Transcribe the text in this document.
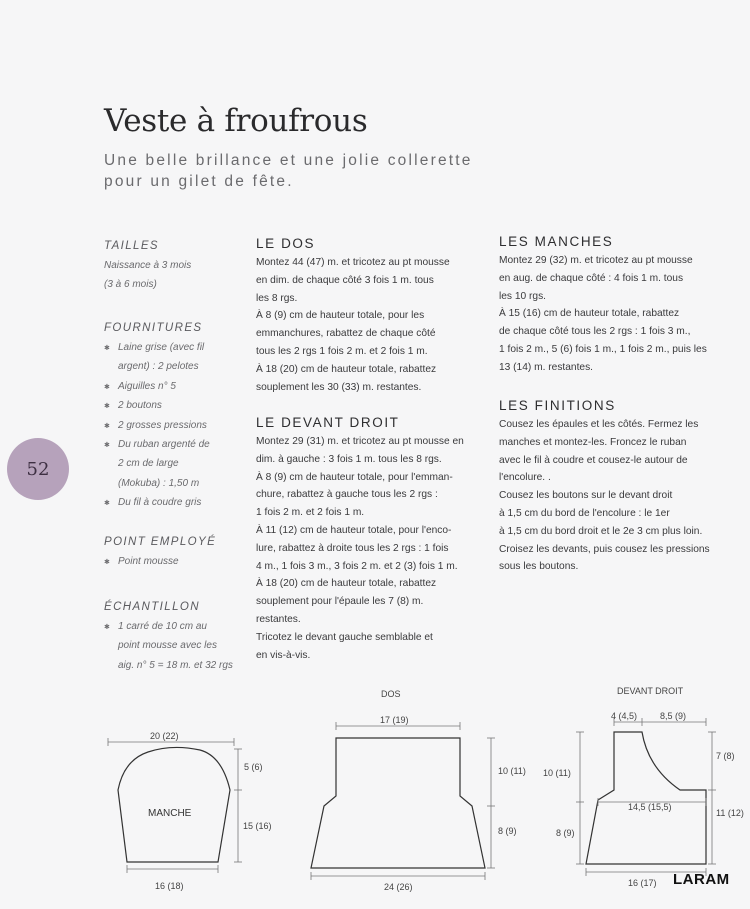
Veste à froufrous
Une belle brillance et une jolie collerette
pour un gilet de fête.
52
TAILLES
Naissance à 3 mois
(3 à 6 mois)
FOURNITURES
✱ Laine grise (avec fil
argent) : 2 pelotes
✱ Aiguilles n° 5
✱ 2 boutons
✱ 2 grosses pressions
✱ Du ruban argenté de
2 cm de large
(Mokuba) : 1,50 m
✱ Du fil à coudre gris
POINT EMPLOYÉ
✱ Point mousse
ÉCHANTILLON
✱ 1 carré de 10 cm au
point mousse avec les
aig. n° 5 = 18 m. et 32 rgs
LE DOS

Montez 44 (47) m. et tricotez au pt mousse

en dim. de chaque côté 3 fois 1 m. tous

les 8 rgs.

À 8 (9) cm de hauteur totale, pour les

emmanchures, rabattez de chaque côté

tous les 2 rgs 1 fois 2 m. et 2 fois 1 m.

À 18 (20) cm de hauteur totale, rabattez

souplement les 30 (33) m. restantes.

LE DEVANT DROIT

Montez 29 (31) m. et tricotez au pt mousse en

dim. à gauche : 3 fois 1 m. tous les 8 rgs.

À 8 (9) cm de hauteur totale, pour l'emman-

chure, rabattez à gauche tous les 2 rgs :

1 fois 2 m. et 2 fois 1 m.

À 11 (12) cm de hauteur totale, pour l'enco-

lure, rabattez à droite tous les 2 rgs : 1 fois

4 m., 1 fois 3 m., 3 fois 2 m. et 2 (3) fois 1 m.

À 18 (20) cm de hauteur totale, rabattez

souplement pour l'épaule les 7 (8) m.

restantes.

Tricotez le devant gauche semblable et

en vis-à-vis.

LES MANCHES

Montez 29 (32) m. et tricotez au pt mousse

en aug. de chaque côté : 4 fois 1 m. tous

les 10 rgs.

À 15 (16) cm de hauteur totale, rabattez

de chaque côté tous les 2 rgs : 1 fois 3 m.,

1 fois 2 m., 5 (6) fois 1 m., 1 fois 2 m., puis les

13 (14) m. restantes.

LES FINITIONS

Cousez les épaules et les côtés. Fermez les

manches et montez-les. Froncez le ruban

avec le fil à coudre et cousez-le autour de

l'encolure. .

Cousez les boutons sur le devant droit

à 1,5 cm du bord de l'encolure : le 1er

à 1,5 cm du bord droit et le 2e 3 cm plus loin.

Croisez les devants, puis cousez les pressions

sous les boutons.

20 (22)
5 (6)
15 (16)
MANCHE
16 (18)
DOS
17 (19)
10 (11)
8 (9)
24 (26)
DEVANT DROIT
4 (4,5)	8,5 (9)
14,5 (15,5)
10 (11)
8 (9)
7 (8)
11 (12)
16 (17) LARAM
